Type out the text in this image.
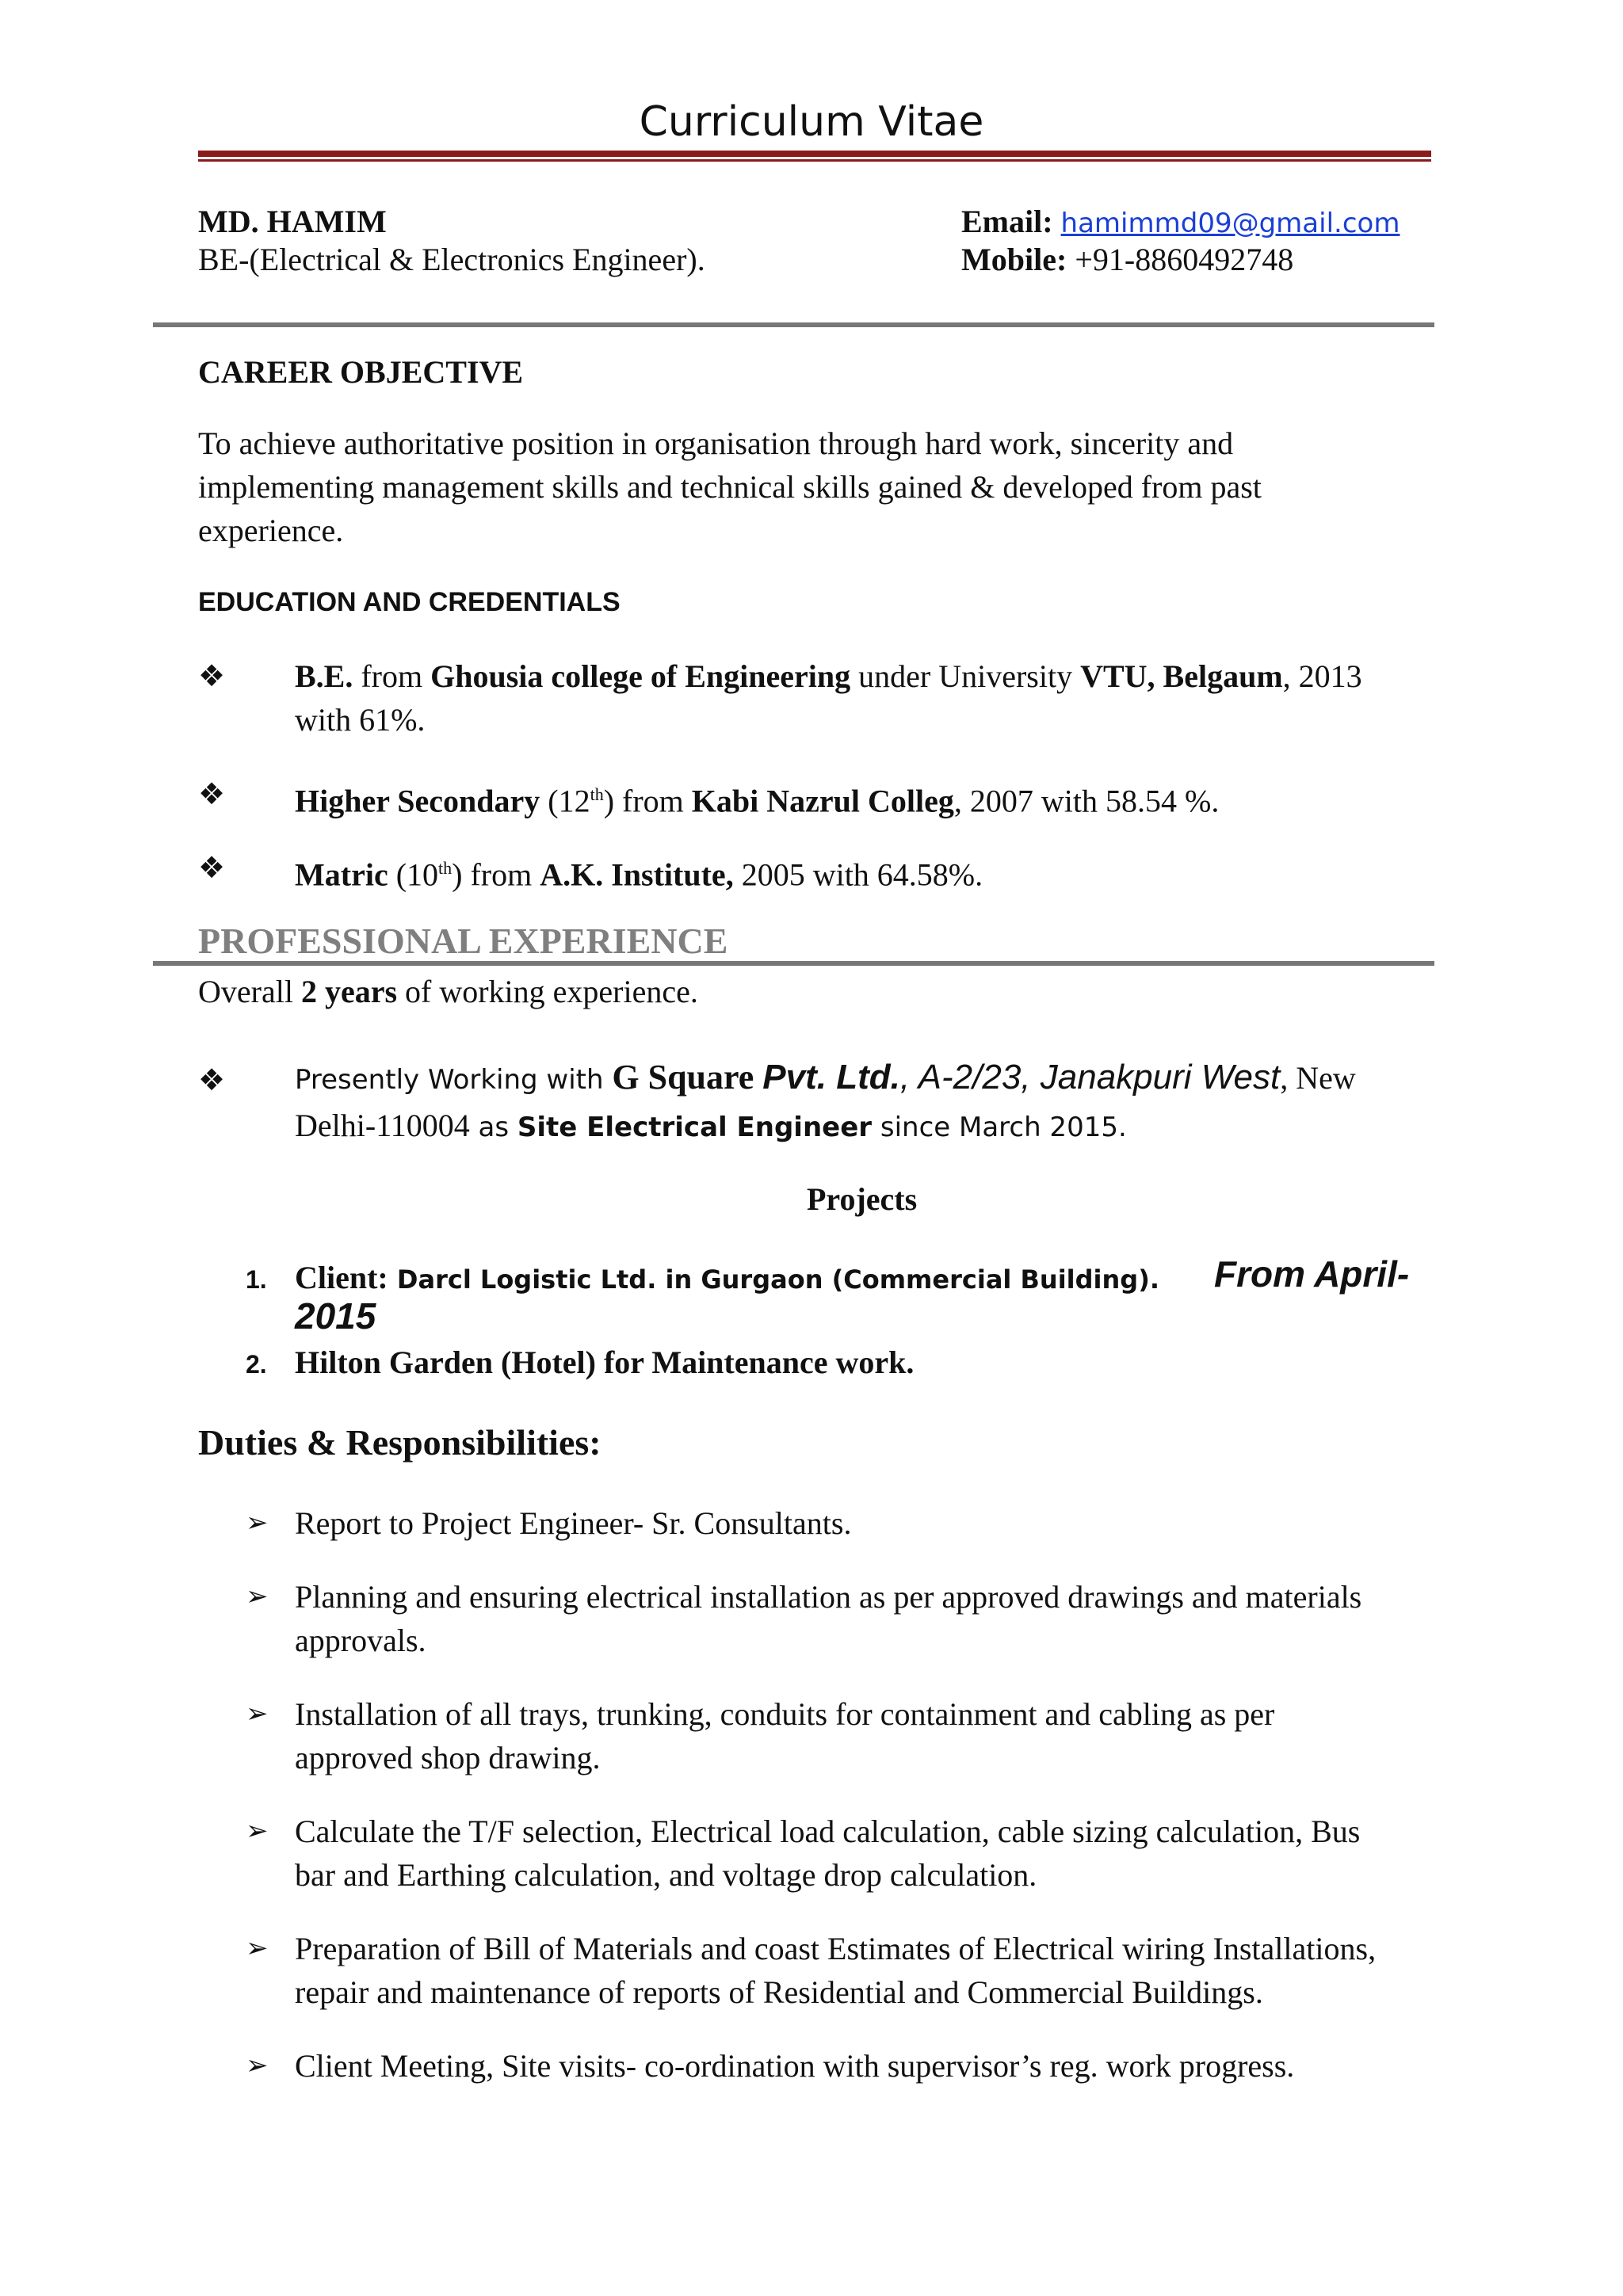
Curriculum Vitae
MD. HAMIM
BE-(Electrical & Electronics Engineer).
Email: hamimmd09@gmail.com
Mobile: +91-8860492748
CAREER OBJECTIVE
To achieve authoritative position in organisation through hard work, sincerity and
implementing management skills and technical skills gained & developed from past
experience.
EDUCATION AND CREDENTIALS
❖ B.E. from Ghousia college of Engineering under University VTU, Belgaum, 2013
with 61%.
❖ Higher Secondary (12th) from Kabi Nazrul Colleg, 2007 with 58.54 %.
❖ Matric (10th) from A.K. Institute, 2005 with 64.58%.
PROFESSIONAL EXPERIENCE
Overall 2 years of working experience.
❖	Presently Working with G Square Pvt. Ltd., A-2/23, Janakpuri West, New
Delhi-110004 as Site Electrical Engineer since March 2015.
Projects
1. Client: Darcl Logistic Ltd. in Gurgaon (Commercial Building). From April-
2015
2. Hilton Garden (Hotel) for Maintenance work.
Duties & Responsibilities:
➢ Report to Project Engineer- Sr. Consultants.
➢ Planning and ensuring electrical installation as per approved drawings and materials
approvals.
➢ Installation of all trays, trunking, conduits for containment and cabling as per
approved shop drawing.
➢ Calculate the T/F selection, Electrical load calculation, cable sizing calculation, Bus
bar and Earthing calculation, and voltage drop calculation.
➢ Preparation of Bill of Materials and coast Estimates of Electrical wiring Installations,
repair and maintenance of reports of Residential and Commercial Buildings.
➢ Client Meeting, Site visits- co-ordination with supervisor’s reg. work progress.
